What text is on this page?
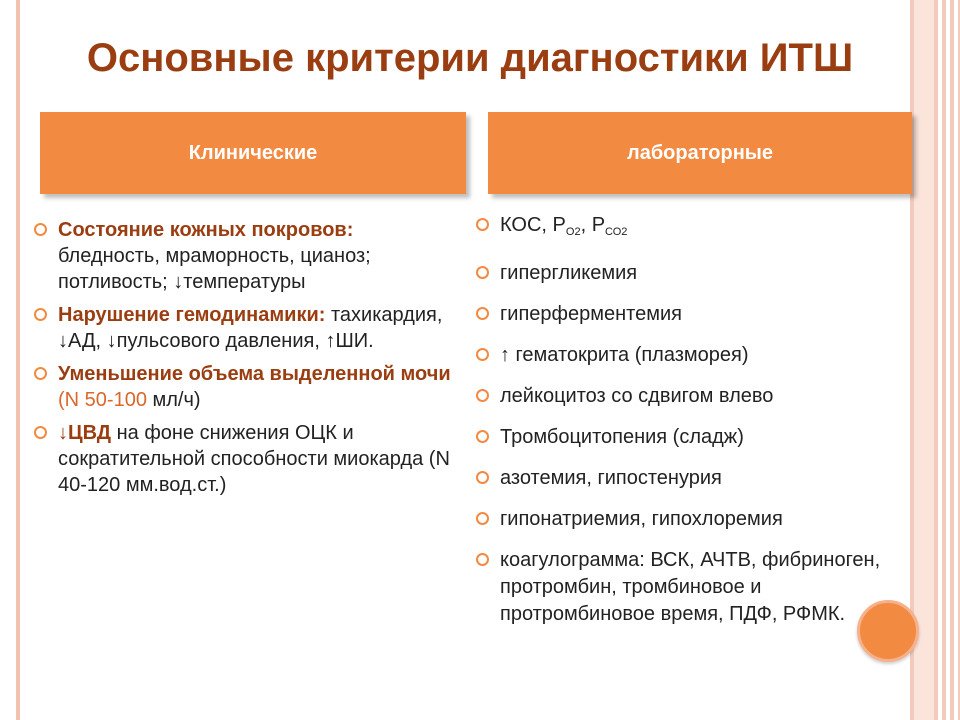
Основные критерии диагностики ИТШ
Клинические	лабораторные
Состояние кожных покровов: бледность, мраморность, цианоз; потливость; ↓температуры
Нарушение гемодинамики: тахикардия, ↓АД, ↓пульсового давления, ↑ШИ.
Уменьшение объема выделенной мочи (N 50-100 мл/ч)
↓ЦВД на фоне снижения ОЦК и сократительной способности миокарда (N 40-120 мм.вод.ст.)
КОС, $Р_{О2}$, $Р_{СО2}$
гипергликемия
гиперферментемия
↑ гематокрита (плазморея)
лейкоцитоз со сдвигом влево
Тромбоцитопения (сладж)
азотемия, гипостенурия
гипонатриемия, гипохлоремия
коагулограмма: ВСК, АЧТВ, фибриноген, протромбин, тромбиновое и протромбиновое время, ПДФ, РФМК.
